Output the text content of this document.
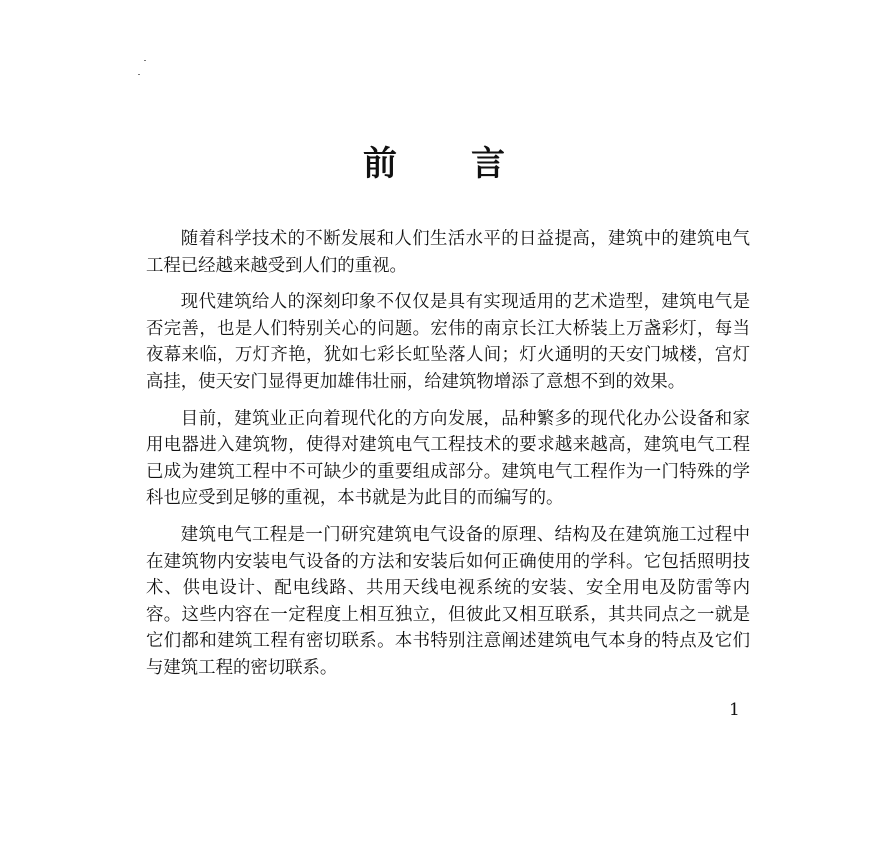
前 言

随着科学技术的不断发展和人们生活水平的日益提高，建筑中的建筑电气工程已经越来越受到人们的重视。

现代建筑给人的深刻印象不仅仅是具有实现适用的艺术造型，建筑电气是否完善，也是人们特别关心的问题。宏伟的南京长江大桥装上万盏彩灯，每当夜幕来临，万灯齐艳，犹如七彩长虹坠落人间；灯火通明的天安门城楼，宫灯高挂，使天安门显得更加雄伟壮丽，给建筑物增添了意想不到的效果。

目前，建筑业正向着现代化的方向发展，品种繁多的现代化办公设备和家用电器进入建筑物，使得对建筑电气工程技术的要求越来越高，建筑电气工程已成为建筑工程中不可缺少的重要组成部分。建筑电气工程作为一门特殊的学科也应受到足够的重视，本书就是为此目的而编写的。

建筑电气工程是一门研究建筑电气设备的原理、结构及在建筑施工过程中在建筑物内安装电气设备的方法和安装后如何正确使用的学科。它包括照明技术、供电设计、配电线路、共用天线电视系统的安装、安全用电及防雷等内容。这些内容在一定程度上相互独立，但彼此又相互联系，其共同点之一就是它们都和建筑工程有密切联系。本书特别注意阐述建筑电气本身的特点及它们与建筑工程的密切联系。

1
